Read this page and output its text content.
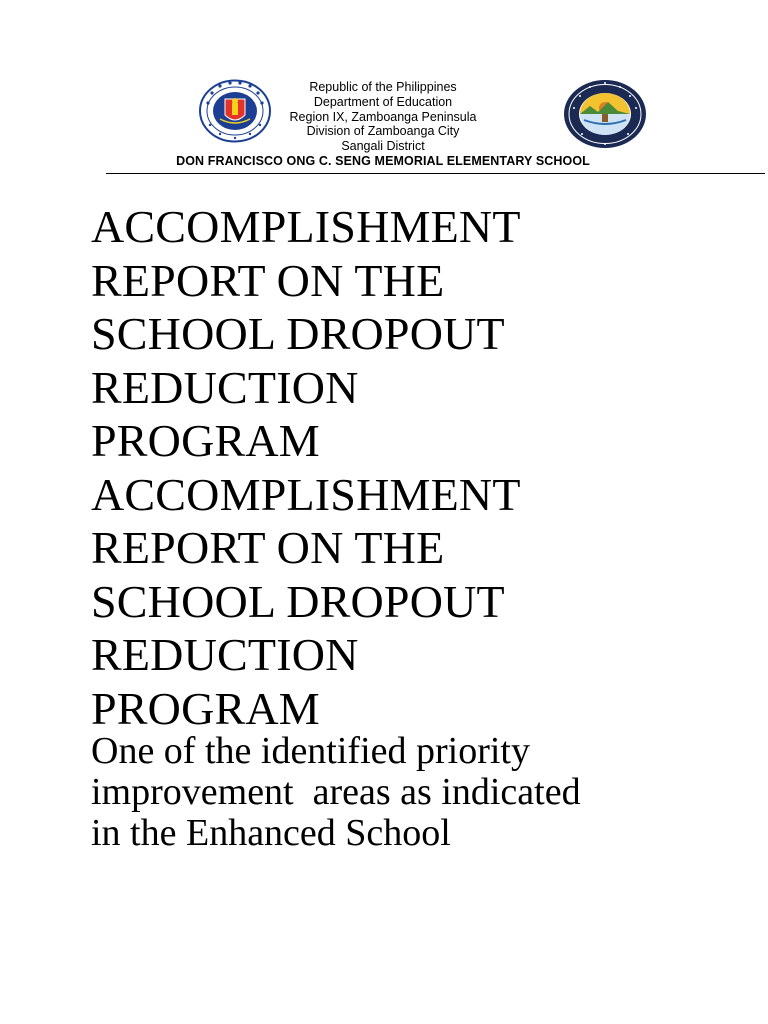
Republic of the Philippines
Department of Education
Region IX, Zamboanga Peninsula
Division of Zamboanga City
Sangali District
DON FRANCISCO ONG C. SENG MEMORIAL ELEMENTARY SCHOOL
ACCOMPLISHMENT
REPORT ON THE
SCHOOL DROPOUT
REDUCTION
PROGRAM
ACCOMPLISHMENT
REPORT ON THE
SCHOOL DROPOUT
REDUCTION
PROGRAM
One of the identified priority
improvement  areas as indicated
in the Enhanced School
